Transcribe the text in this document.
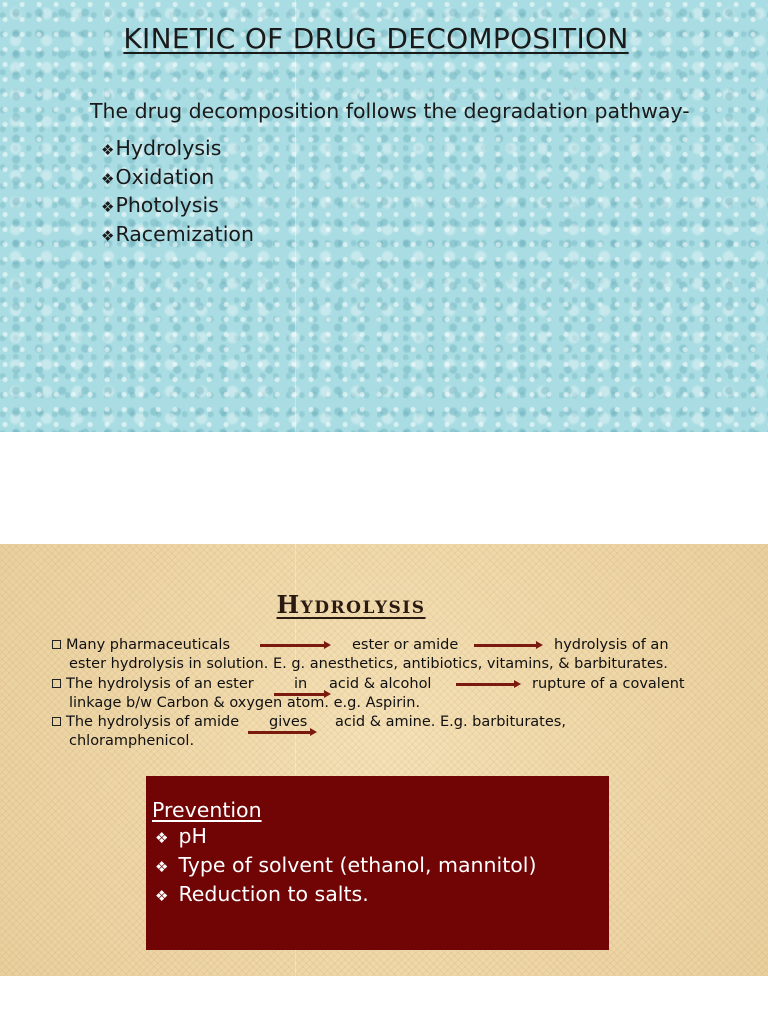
KINETIC OF DRUG DECOMPOSITION
The drug decomposition follows the degradation pathway-
❖Hydrolysis
❖Oxidation
❖Photolysis
❖Racemization
Hydrolysis
Many pharmaceuticals	ester or amide	hydrolysis of an
ester hydrolysis in solution. E. g. anesthetics, antibiotics, vitamins, & barbiturates.
The hydrolysis of an ester	in acid & alcohol	rupture of a covalent
linkage b/w Carbon & oxygen atom. e.g. Aspirin.
The hydrolysis of amide gives acid & amine. E.g. barbiturates,
chloramphenicol.
Prevention
❖ pH
❖ Type of solvent (ethanol, mannitol)
❖ Reduction to salts.
